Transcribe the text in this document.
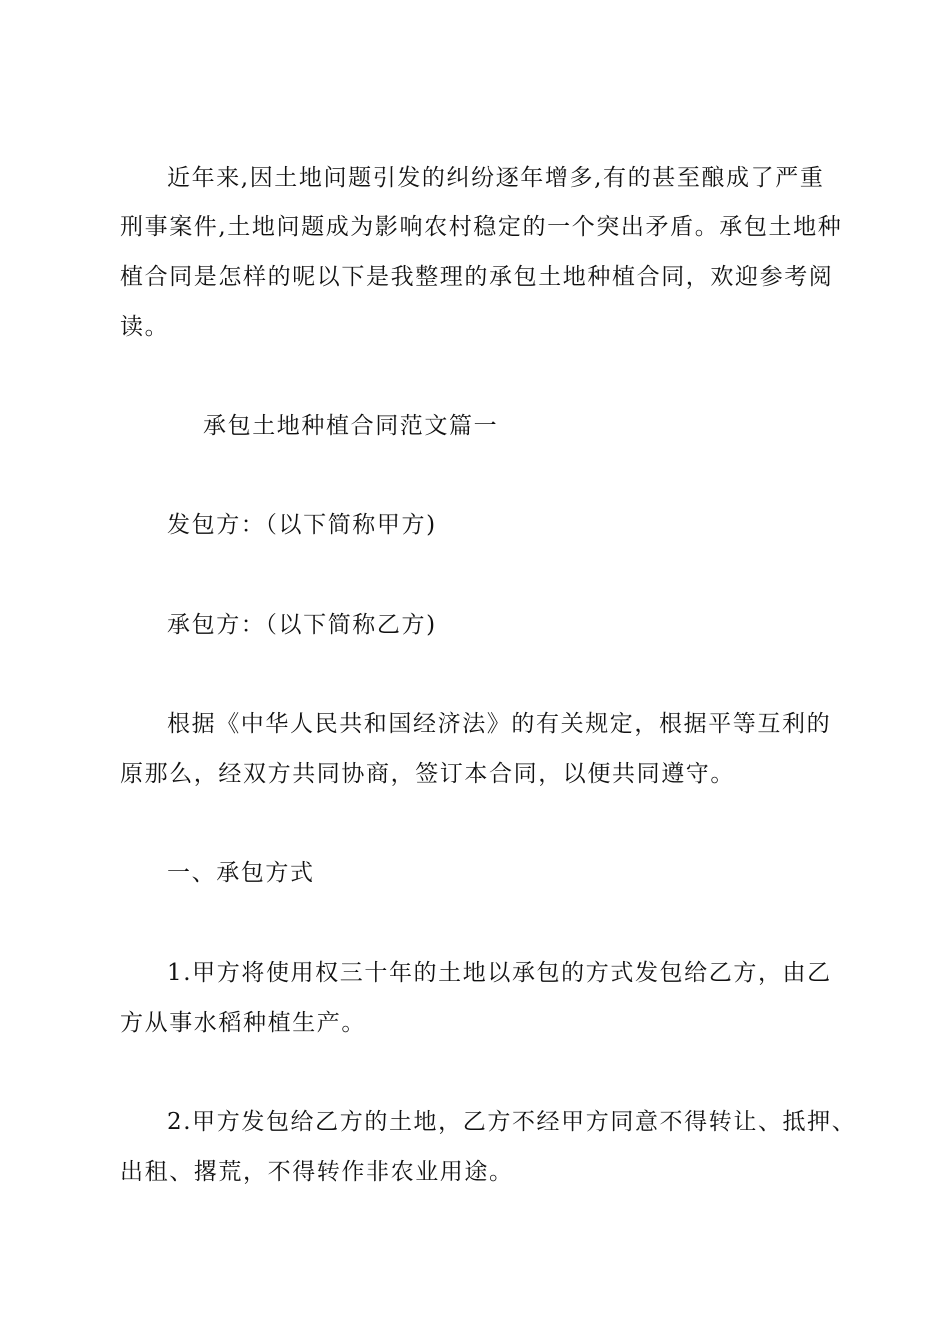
近年来,因土地问题引发的纠纷逐年增多,有的甚至酿成了严重
刑事案件,土地问题成为影响农村稳定的一个突出矛盾。承包土地种
植合同是怎样的呢以下是我整理的承包土地种植合同，欢迎参考阅
读。
承包土地种植合同范文篇一
发包方：（以下简称甲方)
承包方：（以下简称乙方)
根据《中华人民共和国经济法》的有关规定，根据平等互利的
原那么，经双方共同协商，签订本合同，以便共同遵守。
一、承包方式
1.甲方将使用权三十年的土地以承包的方式发包给乙方，由乙
方从事水稻种植生产。
2.甲方发包给乙方的土地，乙方不经甲方同意不得转让、抵押、
出租、撂荒，不得转作非农业用途。
